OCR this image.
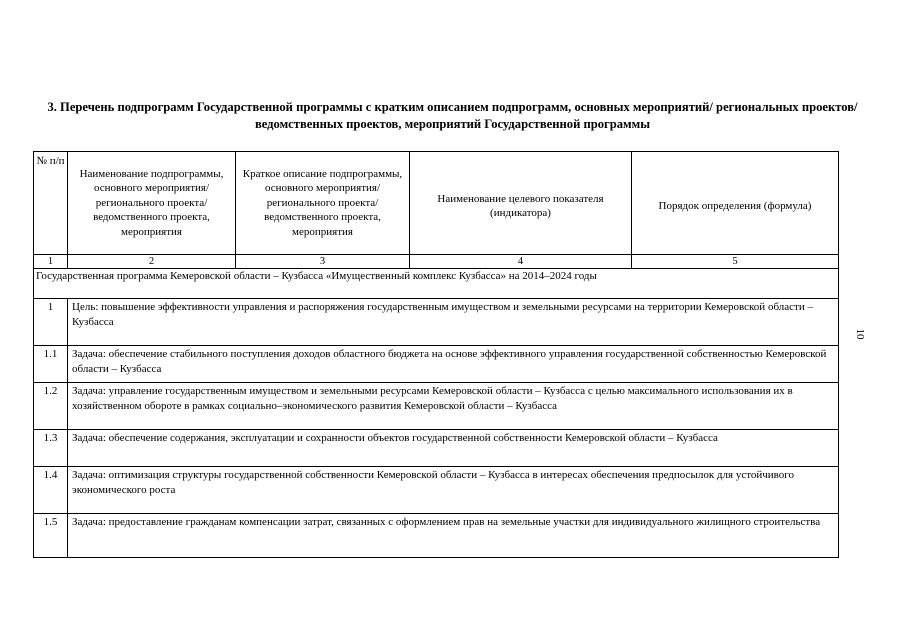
10
3. Перечень подпрограмм Государственной программы с кратким описанием подпрограмм, основных мероприятий/ региональных проектов/ведомственных проектов, мероприятий Государственной программы
№ п/п	Наименование подпрограммы, основного мероприятия/регионального проекта/ведомственного проекта, мероприятия	Краткое описание подпрограммы, основного мероприятия/регионального проекта/ведомственного проекта, мероприятия	Наименование целевого показателя (индикатора)	Порядок определения (формула)
1	2	3	4	5
Государственная программа Кемеровской области – Кузбасса «Имущественный комплекс Кузбасса» на 2014–2024 годы				
1	Цель: повышение эффективности управления и распоряжения государственным имуществом и земельными ресурсами на территории Кемеровской области – Кузбасса			
1.1	Задача: обеспечение стабильного поступления доходов областного бюджета на основе эффективного управления государственной собственностью Кемеровской области – Кузбасса			
1.2	Задача: управление государственным имуществом и земельными ресурсами Кемеровской области – Кузбасса с целью максимального использования их в хозяйственном обороте в рамках социально–экономического развития Кемеровской области – Кузбасса			
1.3	Задача: обеспечение содержания, эксплуатации и сохранности объектов государственной собственности Кемеровской области – Кузбасса			
1.4	Задача: оптимизация структуры государственной собственности Кемеровской области – Кузбасса в интересах обеспечения предпосылок для устойчивого экономического роста			
1.5	Задача: предоставление гражданам компенсации затрат, связанных с оформлением прав на земельные участки для индивидуального жилищного строительства			
